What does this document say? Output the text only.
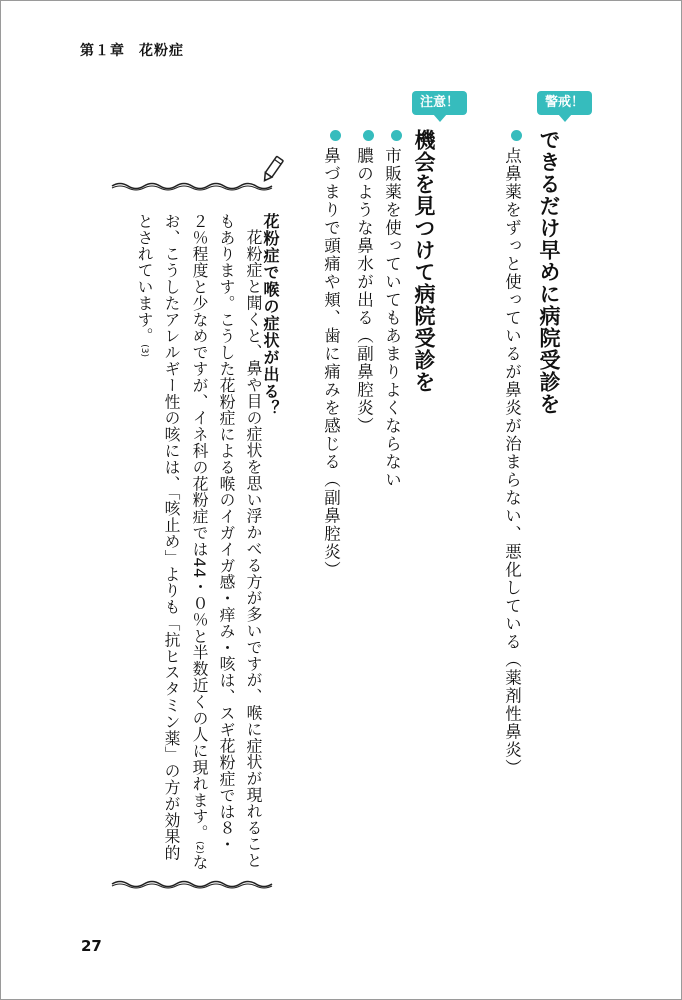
第１章 花粉症
警戒！
できるだけ早めに病院受診を
点鼻薬をずっと使っているが鼻炎が治まらない、悪化している（薬剤性鼻炎）
注意！
機会を見つけて病院受診を
市販薬を使っていてもあまりよくならない
膿のような鼻水が出る（副鼻腔炎）
鼻づまりで頭痛や頬、歯に痛みを感じる（副鼻腔炎）
花粉症で喉の症状が出る？

花粉症と聞くと、鼻や目の症状を思い浮かべる方が多いですが、喉に症状が現れることもあります。こうした花粉症による喉のイガイガ感・痒み・咳は、スギ花粉症では８・２％程度と少なめですが、イネ科の花粉症では44・０％と半数近くの人に現れます。(2)なお、こうしたアレルギー性の咳には、「咳止め」よりも「抗ヒスタミン薬」の方が効果的とされています。(3)

27
